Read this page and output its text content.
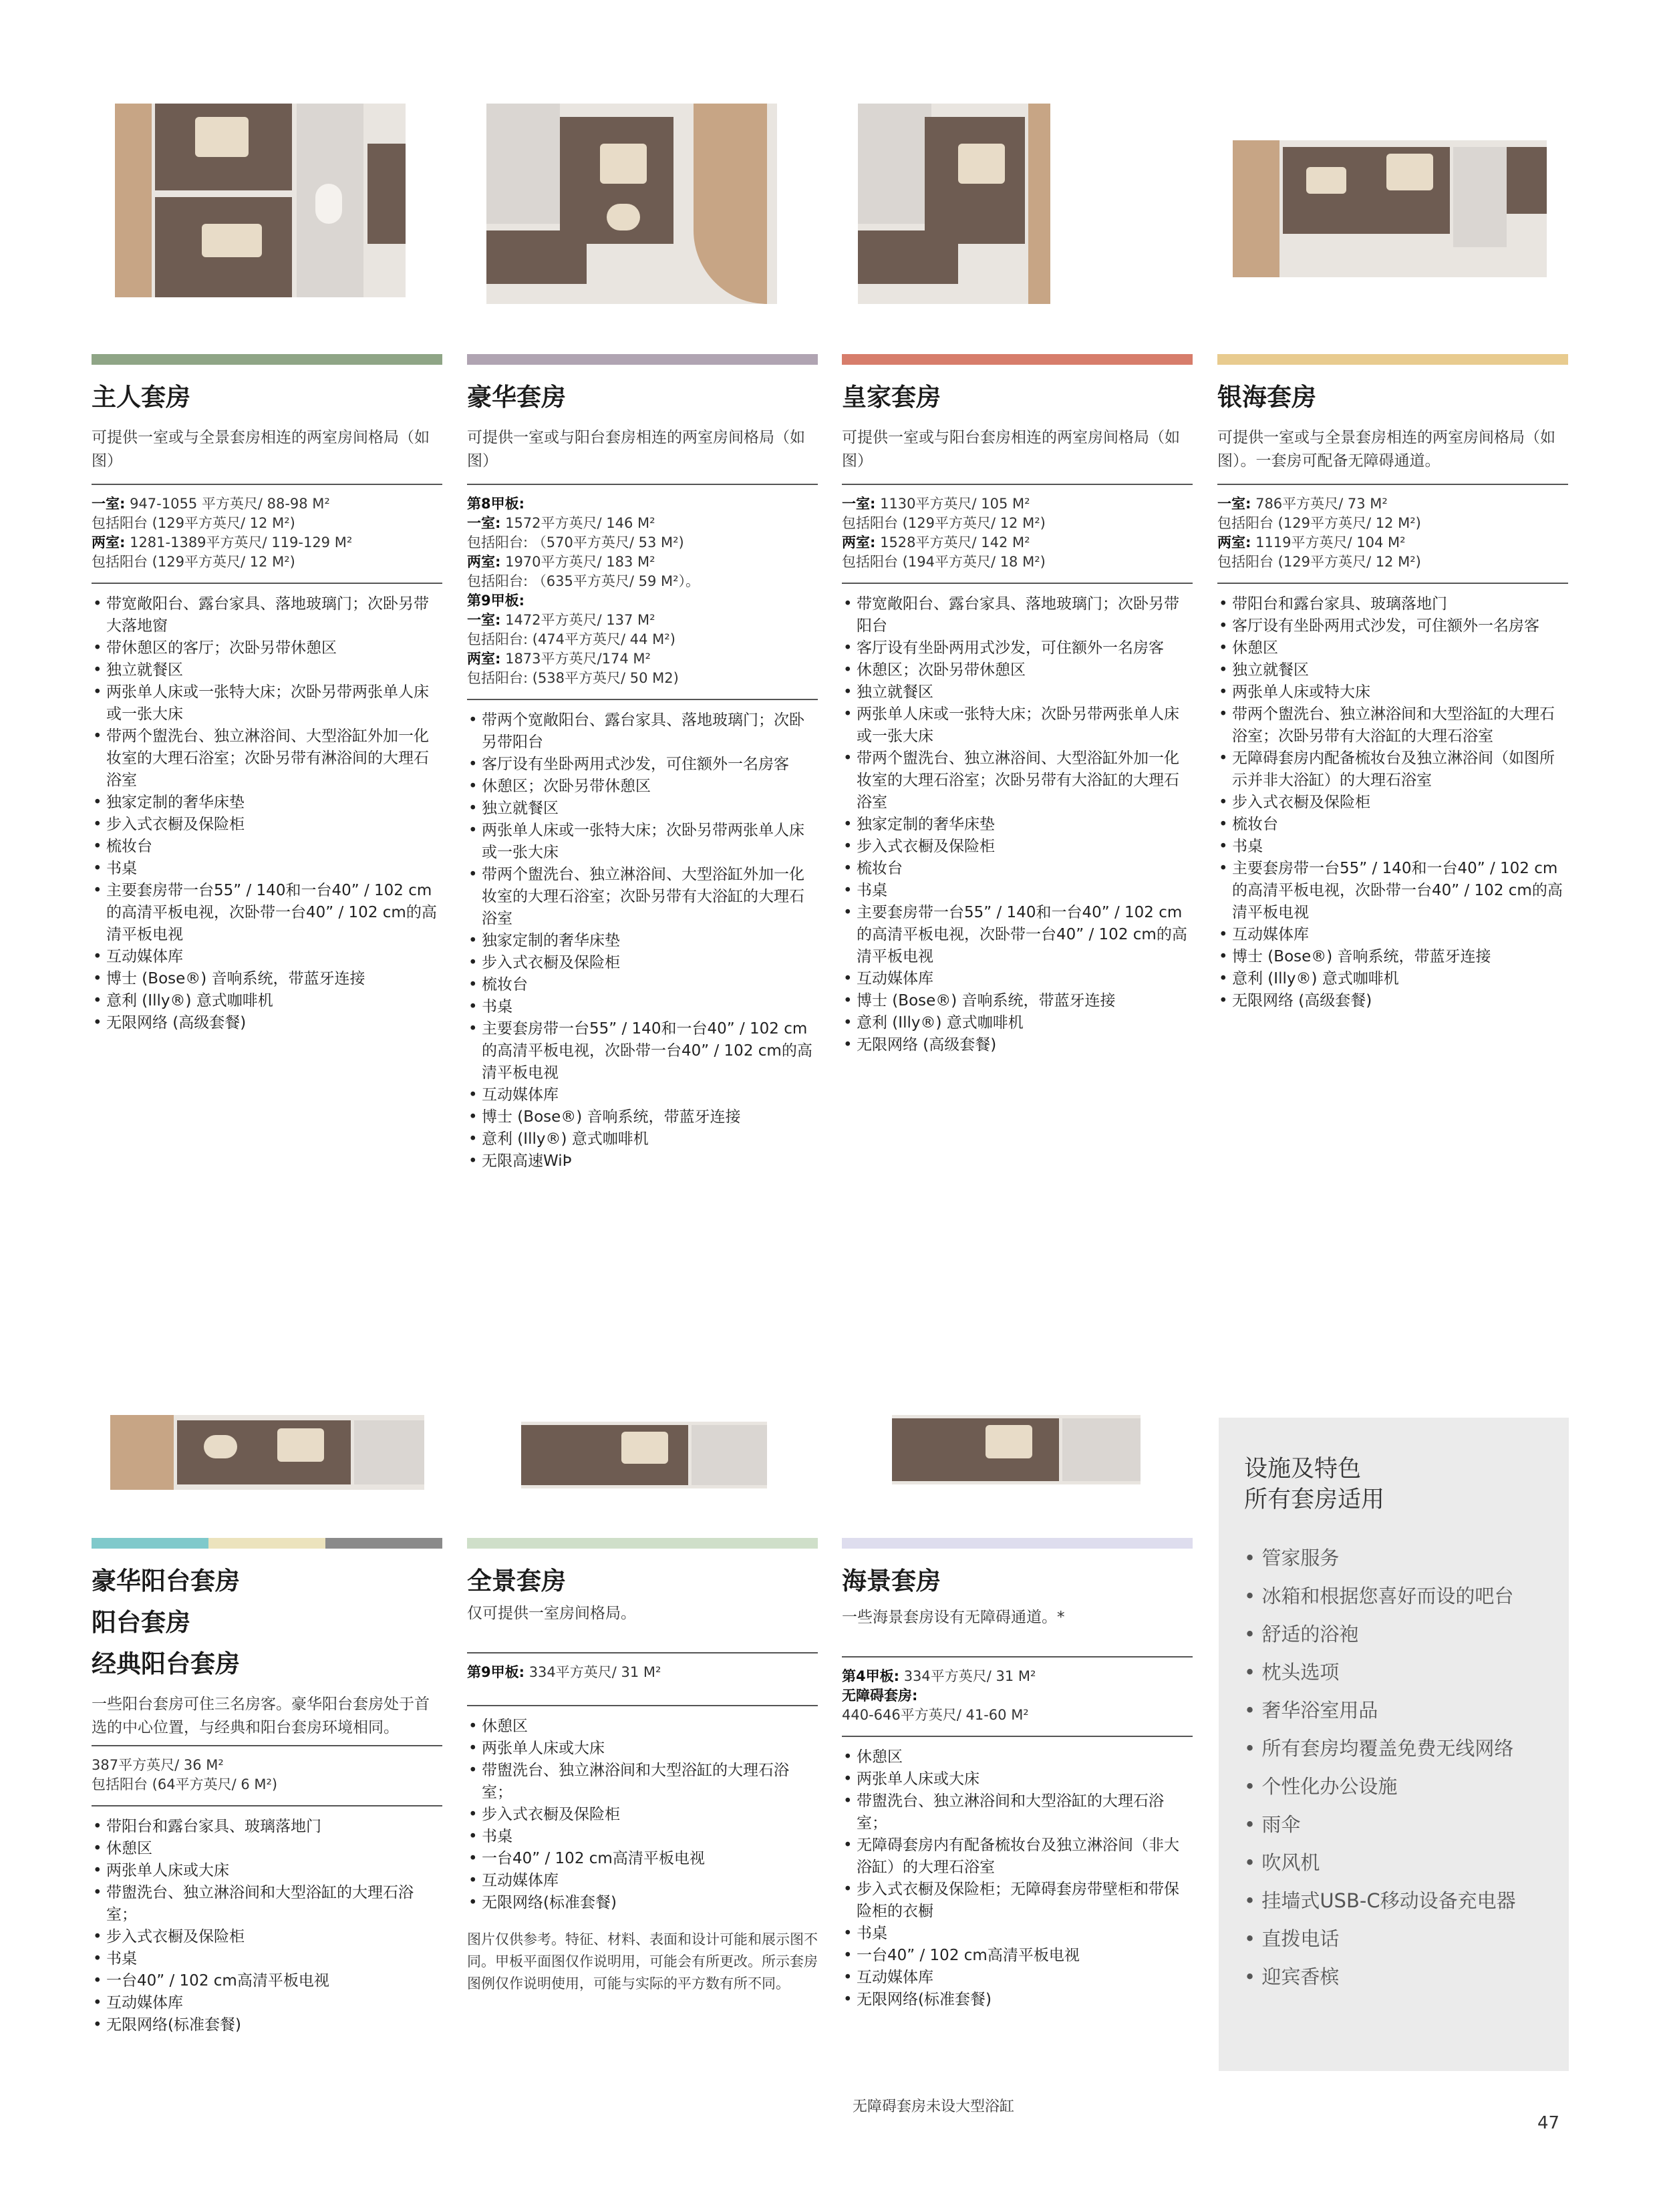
主人套房
可提供一室或与全景套房相连的两室房间格局（如图）
一室: 947-1055 平方英尺/ 88-98 M²
包括阳台 (129平方英尺/ 12 M²)
两室: 1281-1389平方英尺/ 119-129 M²
包括阳台 (129平方英尺/ 12 M²)
• 带宽敞阳台、露台家具、落地玻璃门；次卧另带大落地窗
• 带休憩区的客厅；次卧另带休憩区
• 独立就餐区
• 两张单人床或一张特大床；次卧另带两张单人床或一张大床
• 带两个盥洗台、独立淋浴间、大型浴缸外加一化妆室的大理石浴室；次卧另带有淋浴间的大理石浴室
• 独家定制的奢华床垫
• 步入式衣橱及保险柜
• 梳妆台
• 书桌
• 主要套房带一台55” / 140和一台40” / 102 cm 的高清平板电视，次卧带一台40” / 102 cm的高清平板电视
• 互动媒体库
• 博士 (Bose®) 音响系统，带蓝牙连接
• 意利 (Illy®) 意式咖啡机
• 无限网络 (高级套餐)
豪华套房
可提供一室或与阳台套房相连的两室房间格局（如图）
第8甲板:
一室: 1572平方英尺/ 146 M²
包括阳台: （570平方英尺/ 53 M²)
两室: 1970平方英尺/ 183 M²
包括阳台: （635平方英尺/ 59 M²）。
第9甲板:
一室: 1472平方英尺/ 137 M²
包括阳台: (474平方英尺/ 44 M²)
两室: 1873平方英尺/174 M²
包括阳台: (538平方英尺/ 50 M2)
• 带两个宽敞阳台、露台家具、落地玻璃门；次卧另带阳台
• 客厅设有坐卧两用式沙发，可住额外一名房客
• 休憩区；次卧另带休憩区
• 独立就餐区
• 两张单人床或一张特大床；次卧另带两张单人床或一张大床
• 带两个盥洗台、独立淋浴间、大型浴缸外加一化妆室的大理石浴室；次卧另带有大浴缸的大理石浴室
• 独家定制的奢华床垫
• 步入式衣橱及保险柜
• 梳妆台
• 书桌
• 主要套房带一台55” / 140和一台40” / 102 cm 的高清平板电视，次卧带一台40” / 102 cm的高清平板电视
• 互动媒体库
• 博士 (Bose®) 音响系统，带蓝牙连接
• 意利 (Illy®) 意式咖啡机
• 无限高速WiÞ
皇家套房
可提供一室或与阳台套房相连的两室房间格局（如图）
一室: 1130平方英尺/ 105 M²
包括阳台 (129平方英尺/ 12 M²)
两室: 1528平方英尺/ 142 M²
包括阳台 (194平方英尺/ 18 M²)
• 带宽敞阳台、露台家具、落地玻璃门；次卧另带阳台
• 客厅设有坐卧两用式沙发，可住额外一名房客
• 休憩区；次卧另带休憩区
• 独立就餐区
• 两张单人床或一张特大床；次卧另带两张单人床或一张大床
• 带两个盥洗台、独立淋浴间、大型浴缸外加一化妆室的大理石浴室；次卧另带有大浴缸的大理石浴室
• 独家定制的奢华床垫
• 步入式衣橱及保险柜
• 梳妆台
• 书桌
• 主要套房带一台55” / 140和一台40” / 102 cm 的高清平板电视，次卧带一台40” / 102 cm的高清平板电视
• 互动媒体库
• 博士 (Bose®) 音响系统，带蓝牙连接
• 意利 (Illy®) 意式咖啡机
• 无限网络 (高级套餐)
银海套房
可提供一室或与全景套房相连的两室房间格局（如图）。一套房可配备无障碍通道。
一室: 786平方英尺/ 73 M²
包括阳台 (129平方英尺/ 12 M²)
两室: 1119平方英尺/ 104 M²
包括阳台 (129平方英尺/ 12 M²)
• 带阳台和露台家具、玻璃落地门
• 客厅设有坐卧两用式沙发，可住额外一名房客
• 休憩区
• 独立就餐区
• 两张单人床或特大床
• 带两个盥洗台、独立淋浴间和大型浴缸的大理石浴室；次卧另带有大浴缸的大理石浴室
• 无障碍套房内配备梳妆台及独立淋浴间（如图所示并非大浴缸）的大理石浴室
• 步入式衣橱及保险柜
• 梳妆台
• 书桌
• 主要套房带一台55” / 140和一台40” / 102 cm 的高清平板电视，次卧带一台40” / 102 cm的高清平板电视
• 互动媒体库
• 博士 (Bose®) 音响系统，带蓝牙连接
• 意利 (Illy®) 意式咖啡机
• 无限网络 (高级套餐)
豪华阳台套房
阳台套房
经典阳台套房
一些阳台套房可住三名房客。豪华阳台套房处于首选的中心位置，与经典和阳台套房环境相同。
387平方英尺/ 36 M²
包括阳台 (64平方英尺/ 6 M²)
• 带阳台和露台家具、玻璃落地门
• 休憩区
• 两张单人床或大床
• 带盥洗台、独立淋浴间和大型浴缸的大理石浴室；
• 步入式衣橱及保险柜
• 书桌
• 一台40” / 102 cm高清平板电视
• 互动媒体库
• 无限网络(标准套餐)
全景套房
仅可提供一室房间格局。
第9甲板: 334平方英尺/ 31 M²
• 休憩区
• 两张单人床或大床
• 带盥洗台、独立淋浴间和大型浴缸的大理石浴室；
• 步入式衣橱及保险柜
• 书桌
• 一台40” / 102 cm高清平板电视
• 互动媒体库
• 无限网络(标准套餐)
图片仅供参考。特征、材料、表面和设计可能和展示图不同。甲板平面图仅作说明用，可能会有所更改。所示套房图例仅作说明使用，可能与实际的平方数有所不同。
海景套房
一些海景套房设有无障碍通道。*
第4甲板: 334平方英尺/ 31 M²
无障碍套房:
440-646平方英尺/ 41-60 M²
• 休憩区
• 两张单人床或大床
• 带盥洗台、独立淋浴间和大型浴缸的大理石浴室；
• 无障碍套房内有配备梳妆台及独立淋浴间（非大浴缸）的大理石浴室
• 步入式衣橱及保险柜；无障碍套房带壁柜和带保险柜的衣橱
• 书桌
• 一台40” / 102 cm高清平板电视
• 互动媒体库
• 无限网络(标准套餐)
设施及特色
所有套房适用
• 管家服务
• 冰箱和根据您喜好而设的吧台
• 舒适的浴袍
• 枕头选项
• 奢华浴室用品
• 所有套房均覆盖免费无线网络
• 个性化办公设施
• 雨伞
• 吹风机
• 挂墙式USB-C移动设备充电器
• 直拨电话
• 迎宾香槟
无障碍套房未设大型浴缸
47
